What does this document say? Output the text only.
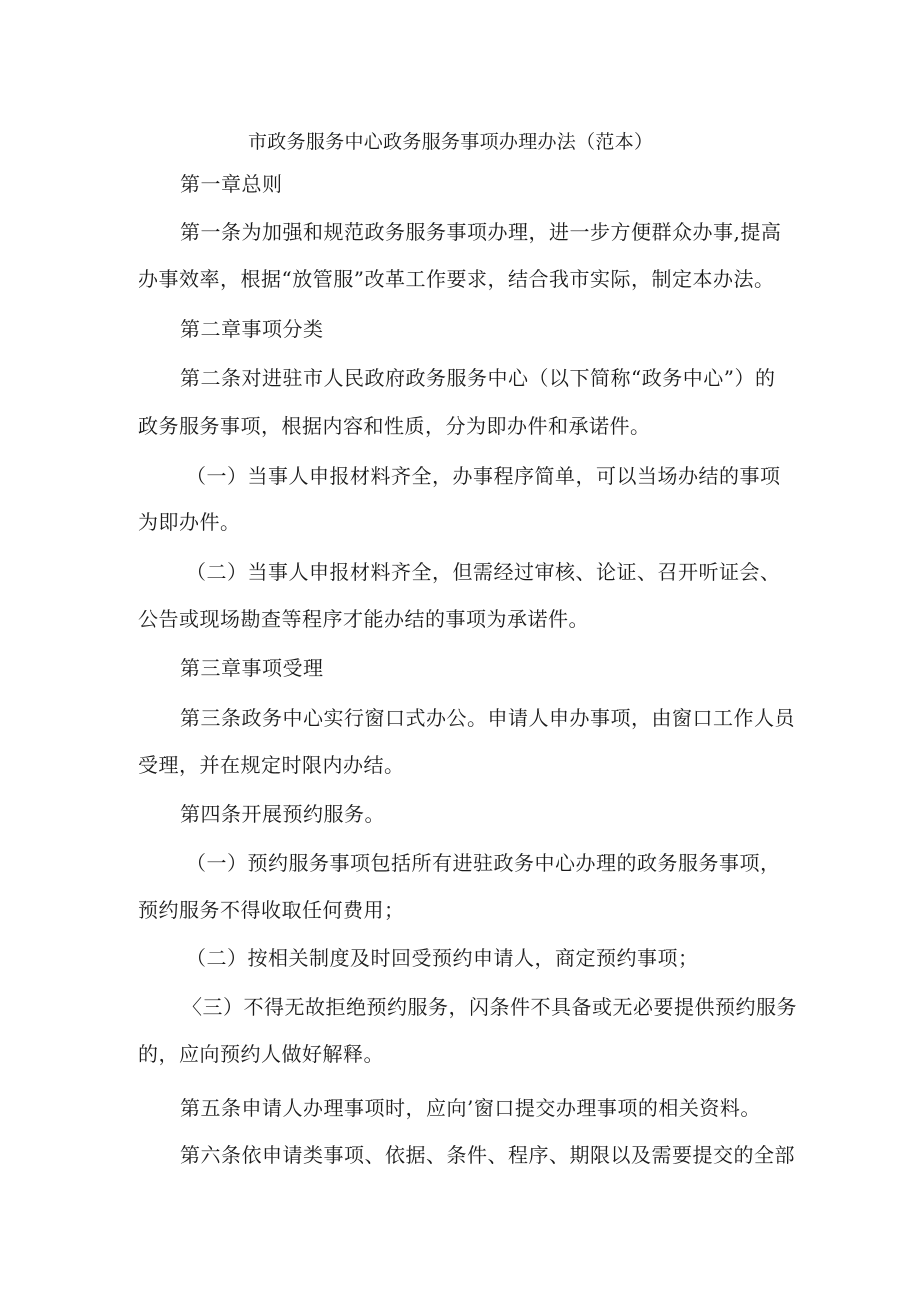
市政务服务中心政务服务事项办理办法（范本）
第一章总则
第一条为加强和规范政务服务事项办理，进一步方便群众办事,提高
办事效率，根据“放管服”改革工作要求，结合我市实际，制定本办法。
第二章事项分类
第二条对进驻市人民政府政务服务中心（以下简称“政务中心”）的
政务服务事项，根据内容和性质，分为即办件和承诺件。
（一）当事人申报材料齐全，办事程序简单，可以当场办结的事项
为即办件。
（二）当事人申报材料齐全，但需经过审核、论证、召开听证会、
公告或现场勘查等程序才能办结的事项为承诺件。
第三章事项受理
第三条政务中心实行窗口式办公。申请人申办事项，由窗口工作人员
受理，并在规定时限内办结。
第四条开展预约服务。
（一）预约服务事项包括所有进驻政务中心办理的政务服务事项，
预约服务不得收取任何费用；
（二）按相关制度及时回受预约申请人，商定预约事项；
〈三）不得无故拒绝预约服务，闪条件不具备或无必要提供预约服务
的，应向预约人做好解释。
第五条申请人办理事项时，应向’窗口提交办理事项的相关资料。
第六条依申请类事项、依据、条件、程序、期限以及需要提交的全部
